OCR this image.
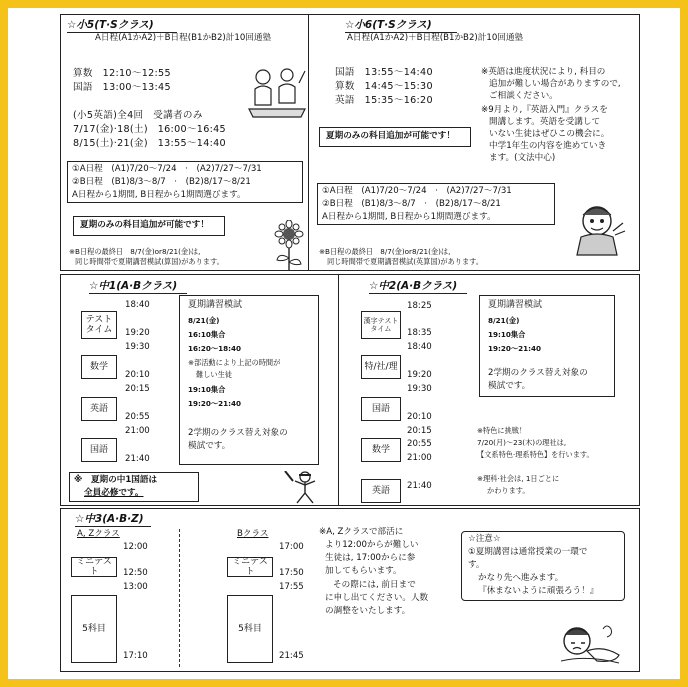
☆小5(T·Sクラス)
A日程(A1かA2)＋B日程(B1かB2)計10回通塾
算数　12:10〜12:55
国語　13:00〜13:45
(小5英語)全4回　受講者のみ
7/17(金)·18(土)　16:00〜16:45
8/15(土)·21(金)　13:55〜14:40
①A日程　(A1)7/20〜7/24　·　(A2)7/27〜7/31
②B日程　(B1)8/3〜8/7　·　(B2)8/17〜8/21
A日程から1期間, B日程から1期間選びます。
夏期のみの科目追加が可能です！
※B日程の最終日　8/7(金)or8/21(金)は,
同じ時間帯で夏期講習模試(算国)があります。
☆小6(T·Sクラス)
A日程(A1かA2)＋B日程(B1かB2)計10回通塾
国語　13:55〜14:40
算数　14:45〜15:30
英語　15:35〜16:20
※英語は進度状況により, 科目の
追加が難しい場合がありますので,
ご相談ください。
※9月より,『英語入門』クラスを
開講します。英語を受講して
いない生徒はぜひこの機会に。
中学1年生の内容を進めていき
ます。(文法中心)
夏期のみの科目追加が可能です！
①A日程　(A1)7/20〜7/24　·　(A2)7/27〜7/31
②B日程　(B1)8/3〜8/7　·　(B2)8/17〜8/21
A日程から1期間, B日程から1期間選びます。
※B日程の最終日　8/7(金)or8/21(金)は,
同じ時間帯で夏期講習模試(英算国)があります。
☆中1(A·Bクラス)
18:40
19:20
19:30
20:10
20:15
20:55
21:00
21:40
テスト
タイム
数学
英語
国語
夏期講習模試
8/21(金)
16:10集合
16:20〜18:40
※部活動により上記の時間が
難しい生徒
19:10集合
19:20〜21:40
2学期のクラス替え対象の
模試です。
※　夏期の中1国語は
全員必修です。
☆中2(A·Bクラス)
18:25
18:35
18:40
19:20
19:30
20:10
20:15
20:55
21:00
21:40
漢字テスト
タイム
特/社/理
国語
数学
英語
夏期講習模試
8/21(金)
19:10集合
19:20〜21:40
2学期のクラス替え対象の
模試です。
※特色に挑戦！
7/20(月)〜23(木)の理社は,
【文系特色·理系特色】を行います。
※理科·社会は, 1日ごとに
かわります。
☆中3(A·B·Z)
A, Zクラス
12:00
12:50
13:00
17:10
ミニテスト
5科目
Bクラス
17:00
17:50
17:55
21:45
ミニテスト
5科目
※A, Zクラスで部活に
より12:00からが難しい
生徒は, 17:00からに参
加してもらいます。
その際には, 前日まで
に申し出てください。人数
の調整をいたします。
☆注意☆
①夏期講習は通常授業の一環で
す。
かなり先へ進みます。
『休まないように頑張ろう！』
